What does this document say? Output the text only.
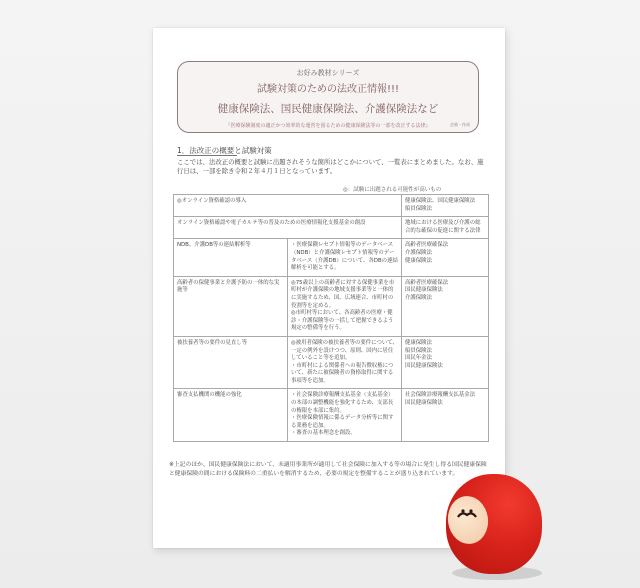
お好み教材シリーズ
試験対策のための法改正情報!!!
健康保険法、国民健康保険法、介護保険法など
『医療保険制度の適正かつ効率的な運営を図るための健康保険法等の一部を改正する法律』	企画・作成
1．法改正の概要と試験対策
ここでは、法改正の概要と試験に出題されそうな箇所はどこかについて、一覧表にまとめました。なお、施行日は、一部を除き令和２年４月１日となっています。
◎：試験に出題される可能性が高いもの
◎オンライン資格確認の導入		健康保険法、国民健康保険法
船員保険法
オンライン資格確認や電子カルテ等の普及のための医療情報化支援基金の創設		地域における医療及び介護の総合的な確保の促進に関する法律
NDB、介護DB等の連結解析等	・医療保険レセプト情報等のデータベース（NDB）と介護保険レセプト情報等のデータベース（介護DB）について、各DBの連結解析を可能とする。	高齢者医療確保法
介護保険法
健康保険法
高齢者の保健事業と介護予防の一体的な実施等	◎75歳以上の高齢者に対する保健事業を市町村が介護保険の地域支援事業等と一体的に実施するため、国、広域連合、市町村の役割等を定める。
◎市町村等において、各高齢者の医療・健診・介護保険等の一括して把握できるよう規定の整備等を行う。	高齢者医療確保法
国民健康保険法
介護保険法
被扶養者等の要件の見直し等	◎被用者保険の被扶養者等の要件について、一定の例外を設けつつ、原則、国内に居住していること等を追加。
・市町村による関係者への報告徴収権について、新たに被保険者の資格取得に関する事項等を追加。	健康保険法
船員保険法
国民年金法
国民健康保険法
審査支払機関の機能の強化	・社会保険診療報酬支払基金（支払基金）の本部の調整機能を強化するため、支部長の権限を本部に集約。
・医療保険情報に係るデータ分析等に関する業務を追加。
・審査の基本理念を創設。	社会保険診療報酬支払基金法
国民健康保険法
※上記のほか、国民健康保険法において、未適用事業所が適用して社会保険に加入する等の場合に発生し得る国民健康保険と健康保険の間における保険料の二重払いを解消するため、必要の規定を整備することが盛り込まれています。
